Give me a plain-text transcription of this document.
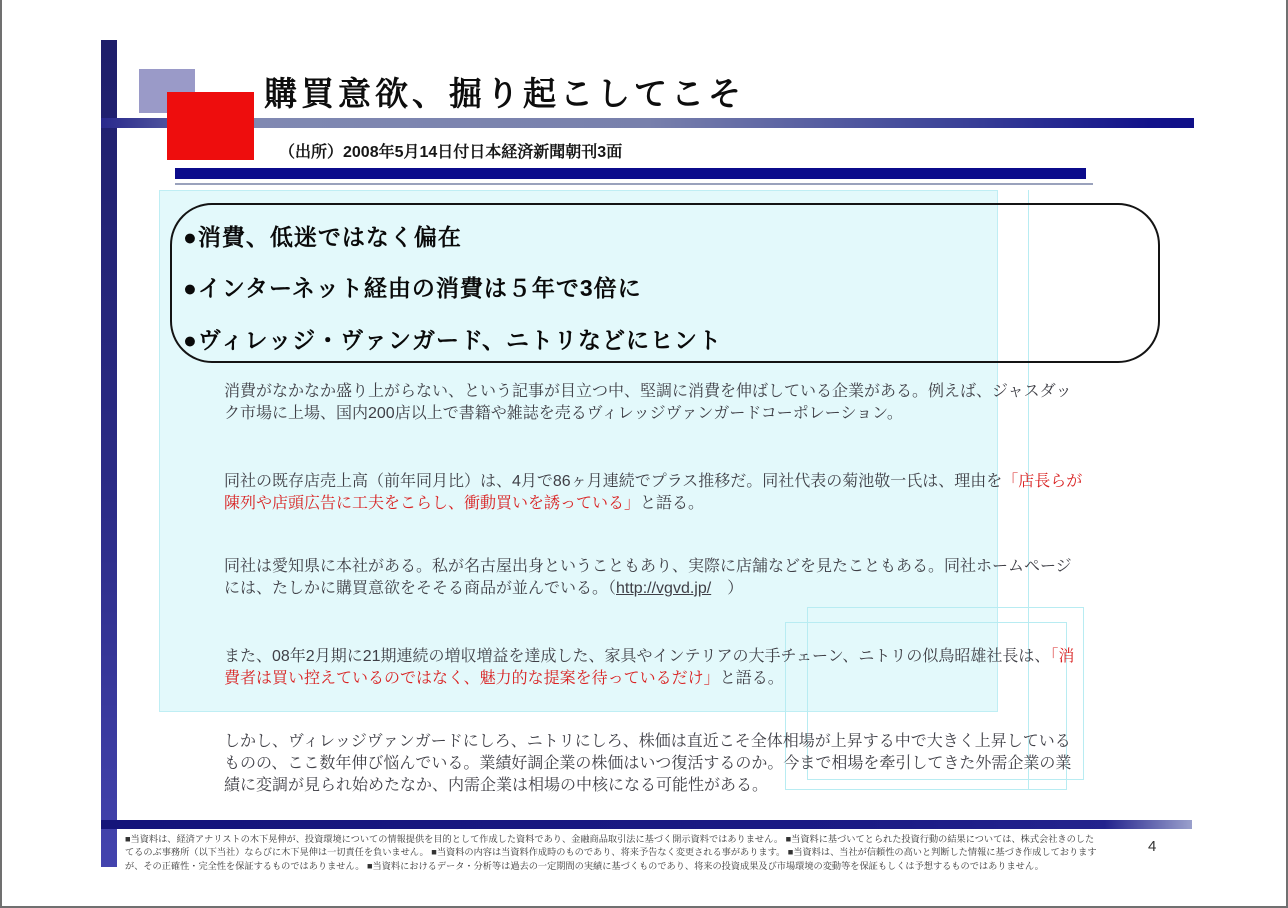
購買意欲、掘り起こしてこそ
（出所）2008年5月14日付日本経済新聞朝刊3面
●消費、低迷ではなく偏在
●インターネット経由の消費は５年で3倍に
●ヴィレッジ・ヴァンガード、ニトリなどにヒント
消費がなかなか盛り上がらない、という記事が目立つ中、堅調に消費を伸ばしている企業がある。例えば、ジャスダック市場に上場、国内200店以上で書籍や雑誌を売るヴィレッジヴァンガードコーポレーション。
同社の既存店売上高（前年同月比）は、4月で86ヶ月連続でプラス推移だ。同社代表の菊池敬一氏は、理由を「店長らが陳列や店頭広告に工夫をこらし、衝動買いを誘っている」と語る。
同社は愛知県に本社がある。私が名古屋出身ということもあり、実際に店舗などを見たこともある。同社ホームページには、たしかに購買意欲をそそる商品が並んでいる。（http://vgvd.jp/　）
また、08年2月期に21期連続の増収増益を達成した、家具やインテリアの大手チェーン、ニトリの似鳥昭雄社長は、「消費者は買い控えているのではなく、魅力的な提案を待っているだけ」と語る。
しかし、ヴィレッジヴァンガードにしろ、ニトリにしろ、株価は直近こそ全体相場が上昇する中で大きく上昇しているものの、ここ数年伸び悩んでいる。業績好調企業の株価はいつ復活するのか。今まで相場を牽引してきた外需企業の業績に変調が見られ始めたなか、内需企業は相場の中核になる可能性がある。
■当資料は、経済アナリストの木下晃伸が、投資環境についての情報提供を目的として作成した資料であり、金融商品取引法に基づく開示資料ではありません。 ■当資料に基づいてとられた投資行動の結果については、株式会社きのした
てるのぶ事務所（以下当社）ならびに木下晃伸は一切責任を負いません。 ■当資料の内容は当資料作成時のものであり、将来予告なく変更される事があります。 ■当資料は、当社が信頼性の高いと判断した情報に基づき作成しております
が、その正確性・完全性を保証するものではありません。 ■当資料におけるデータ・分析等は過去の一定期間の実績に基づくものであり、将来の投資成果及び市場環境の変動等を保証もしくは予想するものではありません。
4
